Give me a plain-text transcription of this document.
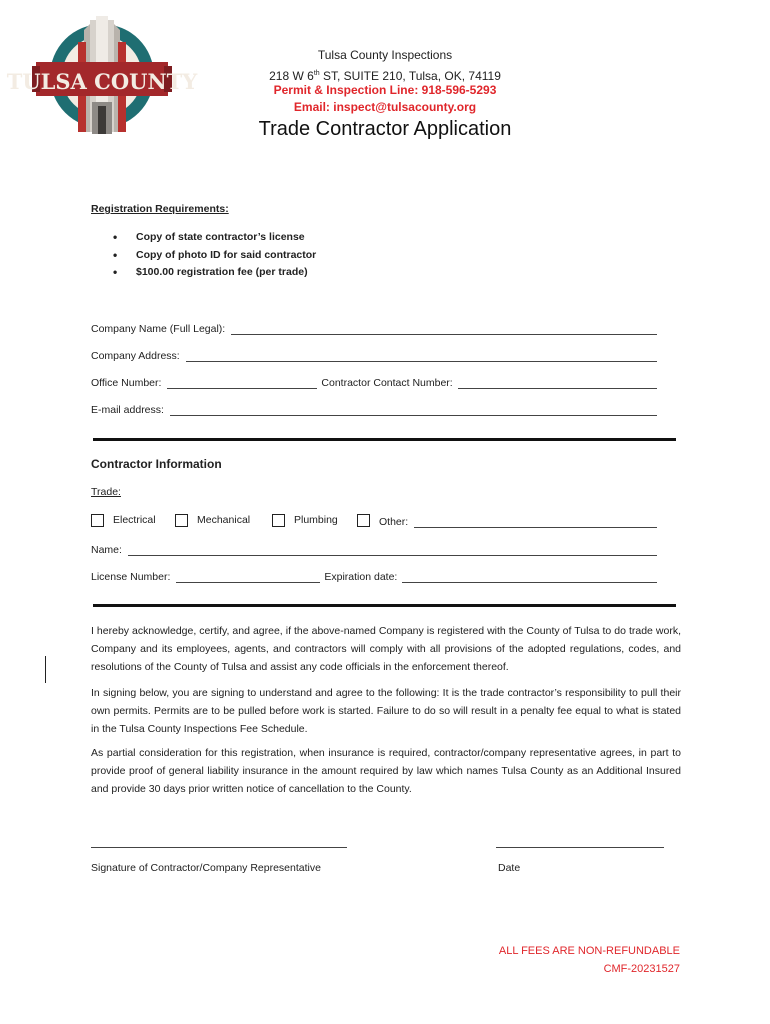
TULSA COUNTY
Tulsa County Inspections
218 W 6th ST, SUITE 210, Tulsa, OK, 74119
Permit & Inspection Line: 918-596-5293
Email: inspect@tulsacounty.org
Trade Contractor Application
Registration Requirements:
• Copy of state contractor’s license
• Copy of photo ID for said contractor
• $100.00 registration fee (per trade)
Company Name (Full Legal):
Company Address:
Office Number:	Contractor Contact Number:
E-mail address:
Contractor Information
Trade:
Electrical	Mechanical	Plumbing	Other:
Name:
License Number:	Expiration date:
I hereby acknowledge, certify, and agree, if the above-named Company is registered with the County of Tulsa to do trade work, Company and its employees, agents, and contractors will comply with all provisions of the adopted regulations, codes, and resolutions of the County of Tulsa and assist any code officials in the enforcement thereof.
In signing below, you are signing to understand and agree to the following: It is the trade contractor’s responsibility to pull their own permits. Permits are to be pulled before work is started. Failure to do so will result in a penalty fee equal to what is stated in the Tulsa County Inspections Fee Schedule.
As partial consideration for this registration, when insurance is required, contractor/company representative agrees, in part to provide proof of general liability insurance in the amount required by law which names Tulsa County as an Additional Insured and provide 30 days prior written notice of cancellation to the County.
Signature of Contractor/Company Representative	Date
ALL FEES ARE NON-REFUNDABLE
CMF-20231527
